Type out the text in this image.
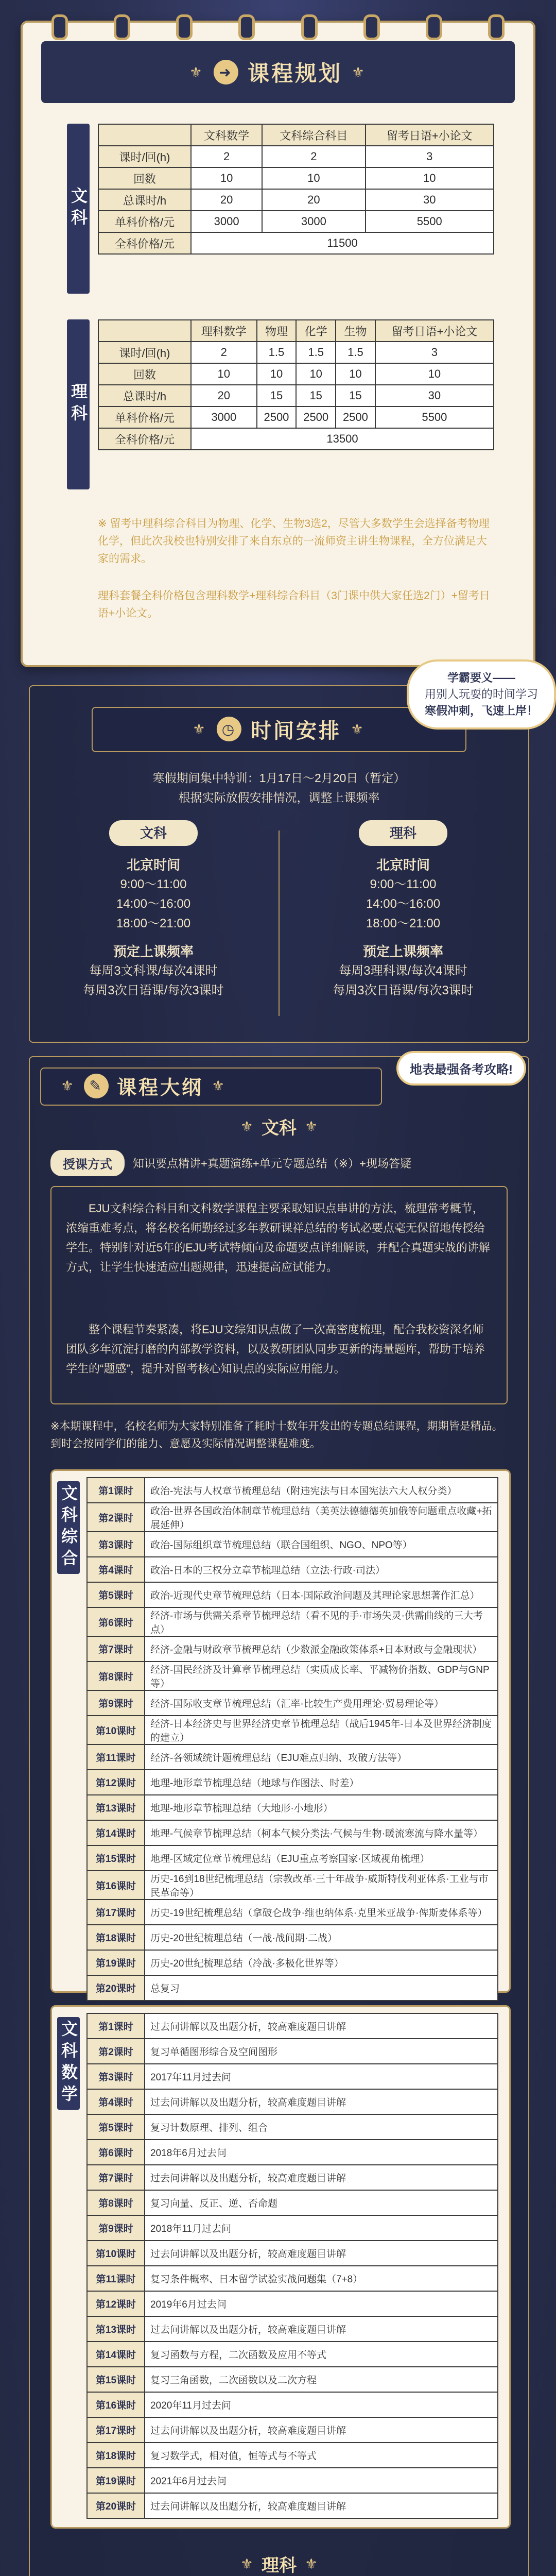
⚜	➜ 课程规划 ⚜
文科
	文科数学	文科综合科目	留考日语+小论文
课时/回(h)	2	2	3
回数	10	10	10
总课时/h	20	20	30
单科价格/元	3000	3000	5500
全科价格/元	11500		
理科
	理科数学	物理	化学	生物	留考日语+小论文
课时/回(h)	2	1.5	1.5	1.5	3
回数	10	10	10	10	10
总课时/h	20	15	15	15	30
单科价格/元	3000	2500	2500	2500	5500
全科价格/元	13500				
※ 留考中理科综合科目为物理、化学、生物3选2，尽管大多数学生会选择备考物理化学，但此次我校也特别安排了来自东京的一流师资主讲生物课程，全方位满足大家的需求。
理科套餐全科价格包含理科数学+理科综合科目（3门课中供大家任选2门）+留考日语+小论文。
⚜ ◷ 时间安排 ⚜
寒假期间集中特训：1月17日～2月20日（暂定）
根据实际放假安排情况，调整上课频率
文科
北京时间
9:00～11:00
14:00～16:00
18:00～21:00
预定上课频率
每周3文科课/每次4课时
每周3次日语课/每次3课时
理科
北京时间
9:00～11:00
14:00～16:00
18:00～21:00
预定上课频率
每周3理科课/每次4课时
每周3次日语课/每次3课时
学霸要义——
用别人玩耍的时间学习
寒假冲刺，飞速上岸！
⚜ ✎ 课程大纲 ⚜
⚜ 文科 ⚜
授课方式	知识要点精讲+真题演练+单元专题总结（※）+现场答疑
EJU文科综合科目和文科数学课程主要采取知识点串讲的方法，梳理常考概节，浓缩重难考点，将名校名师勤经过多年教研课祥总结的考试必要点毫无保留地传授给学生。特别针对近5年的EJU考试特倾向及命题要点详细解读，并配合真题实战的讲解方式，让学生快速适应出题规律，迅速提高应试能力。
整个课程节奏紧凑，将EJU文综知识点做了一次高密度梳理，配合我校资深名师团队多年沉淀打磨的内部教学资料，以及教研团队同步更新的海量题库，帮助于培养学生的“题感”，提升对留考核心知识点的实际应用能力。
※本期课程中，名校名师为大家特别准备了耗时十数年开发出的专题总结课程，期期皆是精品。到时会按同学们的能力、意愿及实际情况调整课程难度。
文科综合 第1课时	政治-宪法与人权章节梳理总结（附违宪法与日本国宪法六大人权分类）
第2课时	政治-世界各国政治体制章节梳理总结（美英法德德德英加俄等问题重点收藏+拓展延伸）
第3课时	政治-国际组织章节梳理总结（联合国组织、NGO、NPO等）
第4课时	政治-日本的三权分立章节梳理总结（立法·行政·司法）
第5课时	政治-近现代史章节梳理总结（日本·国际政治问题及其理论家思想著作汇总）
第6课时	经济-市场与供需关系章节梳理总结（看不见的手·市场失灵·供需曲线的三大考点）
第7课时	经济-金融与财政章节梳理总结（少数派金融政策体系+日本财政与金融现状）
第8课时	经济-国民经济及计算章节梳理总结（实质成长率、平减物价指数、GDP与GNP等）
第9课时	经济-国际收支章节梳理总结（汇率·比较生产费用理论·贸易理论等）
第10课时	经济-日本经济史与世界经济史章节梳理总结（战后1945年-日本及世界经济制度的建立）
第11课时	经济-各领域统计题梳理总结（EJU难点归纳、攻破方法等）
第12课时	地理-地形章节梳理总结（地球与作图法、时差）
第13课时	地理-地形章节梳理总结（大地形·小地形）
第14课时	地理-气候章节梳理总结（柯本气候分类法·气候与生物·暖流寒流与降水量等）
第15课时	地理-区域定位章节梳理总结（EJU重点考察国家·区域视角梳理）
第16课时	历史-16到18世纪梳理总结（宗教改革·三十年战争·威斯特伐利亚体系·工业与市民革命等）
第17课时	历史-19世纪梳理总结（拿破仑战争·维也纳体系·克里米亚战争·俾斯麦体系等）
第18课时	历史-20世纪梳理总结（一战·战间期·二战）
第19课时	历史-20世纪梳理总结（冷战·多极化世界等）
第20课时	总复习
文科数学 第1课时	过去问讲解以及出题分析，较高难度题目讲解
第2课时	复习单循图形综合及空间图形
第3课时	2017年11月过去问
第4课时	过去问讲解以及出题分析，较高难度题目讲解
第5课时	复习计数原理、排列、组合
第6课时	2018年6月过去问
第7课时	过去问讲解以及出题分析，较高难度题目讲解
第8课时	复习向量、反正、逆、否命题
第9课时	2018年11月过去问
第10课时	过去问讲解以及出题分析，较高难度题目讲解
第11课时	复习条件概率、日本留学试验实战问题集（7+8）
第12课时	2019年6月过去问
第13课时	过去问讲解以及出题分析，较高难度题目讲解
第14课时	复习函数与方程，二次函数及应用不等式
第15课时	复习三角函数，二次函数以及二次方程
第16课时	2020年11月过去问
第17课时	过去问讲解以及出题分析，较高难度题目讲解
第18课时	复习数学式，相对值，恒等式与不等式
第19课时	2021年6月过去问
第20课时	过去问讲解以及出题分析，较高难度题目讲解
⚜ 理科 ⚜
地表最强备考攻略!
